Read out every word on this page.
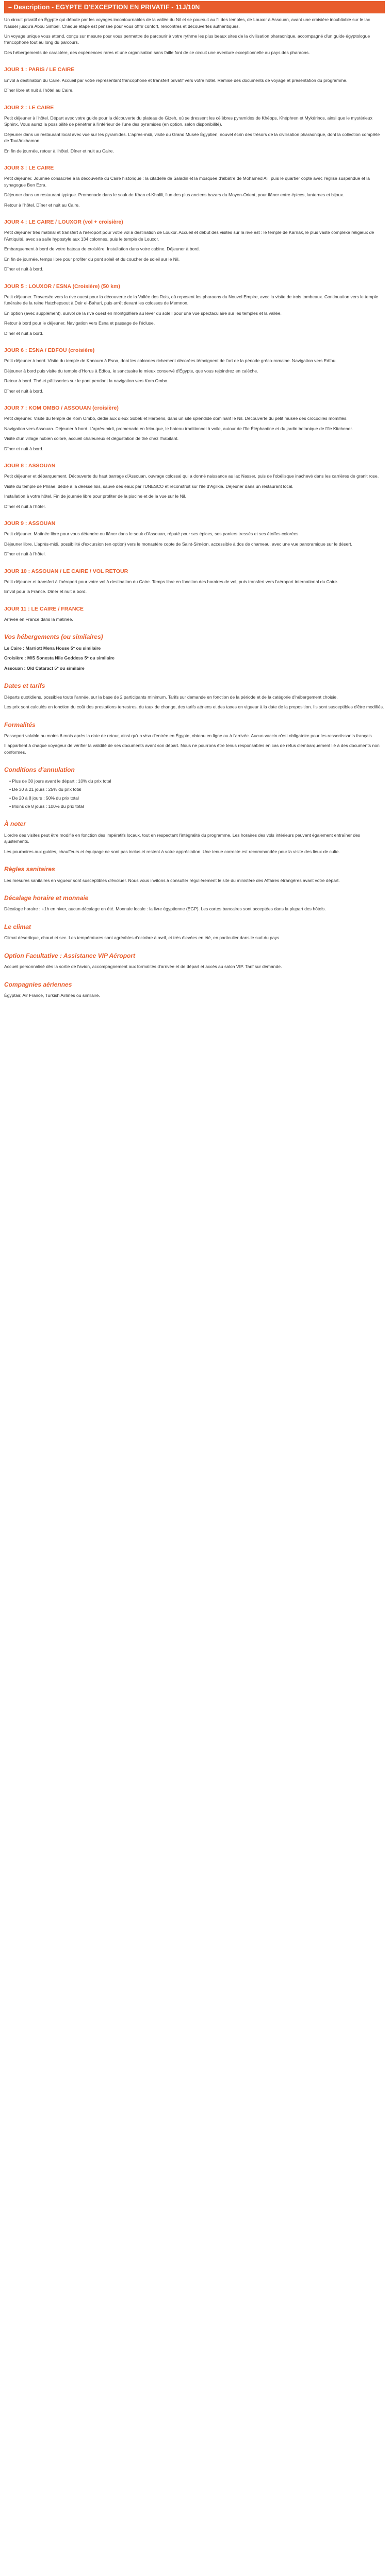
– Description - EGYPTE D'EXCEPTION EN PRIVATIF - 11J/10N

Un circuit privatif en Égypte qui débute par les voyages incontournables de la vallée du Nil et se poursuit au fil des temples, de Louxor à Assouan, avant une croisière inoubliable sur le lac Nasser jusqu'à Abou Simbel. Chaque étape est pensée pour vous offrir confort, rencontres et découvertes authentiques.

Un voyage unique vous attend, conçu sur mesure pour vous permettre de parcourir à votre rythme les plus beaux sites de la civilisation pharaonique, accompagné d'un guide égyptologue francophone tout au long du parcours.

Des hébergements de caractère, des expériences rares et une organisation sans faille font de ce circuit une aventure exceptionnelle au pays des pharaons.

JOUR 1 : PARIS / LE CAIRE

Envol à destination du Caire. Accueil par votre représentant francophone et transfert privatif vers votre hôtel. Remise des documents de voyage et présentation du programme.

Dîner libre et nuit à l'hôtel au Caire.

JOUR 2 : LE CAIRE

Petit déjeuner à l'hôtel. Départ avec votre guide pour la découverte du plateau de Gizeh, où se dressent les célèbres pyramides de Khéops, Khéphren et Mykérinos, ainsi que le mystérieux Sphinx. Vous aurez la possibilité de pénétrer à l'intérieur de l'une des pyramides (en option, selon disponibilité).

Déjeuner dans un restaurant local avec vue sur les pyramides. L'après-midi, visite du Grand Musée Égyptien, nouvel écrin des trésors de la civilisation pharaonique, dont la collection complète de Toutânkhamon.

En fin de journée, retour à l'hôtel. Dîner et nuit au Caire.

JOUR 3 : LE CAIRE

Petit déjeuner. Journée consacrée à la découverte du Caire historique : la citadelle de Saladin et la mosquée d'albâtre de Mohamed Ali, puis le quartier copte avec l'église suspendue et la synagogue Ben Ezra.

Déjeuner dans un restaurant typique. Promenade dans le souk de Khan el-Khalili, l'un des plus anciens bazars du Moyen-Orient, pour flâner entre épices, lanternes et bijoux.

Retour à l'hôtel. Dîner et nuit au Caire.

JOUR 4 : LE CAIRE / LOUXOR (vol + croisière)

Petit déjeuner très matinal et transfert à l'aéroport pour votre vol à destination de Louxor. Accueil et début des visites sur la rive est : le temple de Karnak, le plus vaste complexe religieux de l'Antiquité, avec sa salle hypostyle aux 134 colonnes, puis le temple de Louxor.

Embarquement à bord de votre bateau de croisière. Installation dans votre cabine. Déjeuner à bord.

En fin de journée, temps libre pour profiter du pont soleil et du coucher de soleil sur le Nil.

Dîner et nuit à bord.

JOUR 5 : LOUXOR / ESNA (Croisière) (50 km)

Petit déjeuner. Traversée vers la rive ouest pour la découverte de la Vallée des Rois, où reposent les pharaons du Nouvel Empire, avec la visite de trois tombeaux. Continuation vers le temple funéraire de la reine Hatchepsout à Deir el-Bahari, puis arrêt devant les colosses de Memnon.

En option (avec supplément), survol de la rive ouest en montgolfière au lever du soleil pour une vue spectaculaire sur les temples et la vallée.

Retour à bord pour le déjeuner. Navigation vers Esna et passage de l'écluse.

Dîner et nuit à bord.

JOUR 6 : ESNA / EDFOU (croisière)

Petit déjeuner à bord. Visite du temple de Khnoum à Esna, dont les colonnes richement décorées témoignent de l'art de la période gréco-romaine. Navigation vers Edfou.

Déjeuner à bord puis visite du temple d'Horus à Edfou, le sanctuaire le mieux conservé d'Égypte, que vous rejoindrez en calèche.

Retour à bord. Thé et pâtisseries sur le pont pendant la navigation vers Kom Ombo.

Dîner et nuit à bord.

JOUR 7 : KOM OMBO / ASSOUAN (croisière)

Petit déjeuner. Visite du temple de Kom Ombo, dédié aux dieux Sobek et Haroëris, dans un site splendide dominant le Nil. Découverte du petit musée des crocodiles momifiés.

Navigation vers Assouan. Déjeuner à bord. L'après-midi, promenade en felouque, le bateau traditionnel à voile, autour de l'île Éléphantine et du jardin botanique de l'île Kitchener.

Visite d'un village nubien coloré, accueil chaleureux et dégustation de thé chez l'habitant.

Dîner et nuit à bord.

JOUR 8 : ASSOUAN

Petit déjeuner et débarquement. Découverte du haut barrage d'Assouan, ouvrage colossal qui a donné naissance au lac Nasser, puis de l'obélisque inachevé dans les carrières de granit rose.

Visite du temple de Philae, dédié à la déesse Isis, sauvé des eaux par l'UNESCO et reconstruit sur l'île d'Agilkia. Déjeuner dans un restaurant local.

Installation à votre hôtel. Fin de journée libre pour profiter de la piscine et de la vue sur le Nil.

Dîner et nuit à l'hôtel.

JOUR 9 : ASSOUAN

Petit déjeuner. Matinée libre pour vous détendre ou flâner dans le souk d'Assouan, réputé pour ses épices, ses paniers tressés et ses étoffes colorées.

Déjeuner libre. L'après-midi, possibilité d'excursion (en option) vers le monastère copte de Saint-Siméon, accessible à dos de chameau, avec une vue panoramique sur le désert.

Dîner et nuit à l'hôtel.

JOUR 10 : ASSOUAN / LE CAIRE / VOL RETOUR

Petit déjeuner et transfert à l'aéroport pour votre vol à destination du Caire. Temps libre en fonction des horaires de vol, puis transfert vers l'aéroport international du Caire.

Envol pour la France. Dîner et nuit à bord.

JOUR 11 : LE CAIRE / FRANCE

Arrivée en France dans la matinée.

Vos hébergements (ou similaires)
Le Caire : Marriott Mena House 5* ou similaire
Croisière : M/S Sonesta Nile Goddess 5* ou similaire
Assouan : Old Cataract 5* ou similaire
Dates et tarifs

Départs quotidiens, possibles toute l'année, sur la base de 2 participants minimum. Tarifs sur demande en fonction de la période et de la catégorie d'hébergement choisie.

Les prix sont calculés en fonction du coût des prestations terrestres, du taux de change, des tarifs aériens et des taxes en vigueur à la date de la proposition. Ils sont susceptibles d'être modifiés.

Formalités

Passeport valable au moins 6 mois après la date de retour, ainsi qu'un visa d'entrée en Égypte, obtenu en ligne ou à l'arrivée. Aucun vaccin n'est obligatoire pour les ressortissants français.

Il appartient à chaque voyageur de vérifier la validité de ses documents avant son départ. Nous ne pourrons être tenus responsables en cas de refus d'embarquement lié à des documents non conformes.

Conditions d'annulation
• Plus de 30 jours avant le départ : 10% du prix total
• De 30 à 21 jours : 25% du prix total
• De 20 à 8 jours : 50% du prix total
• Moins de 8 jours : 100% du prix total
À noter

L'ordre des visites peut être modifié en fonction des impératifs locaux, tout en respectant l'intégralité du programme. Les horaires des vols intérieurs peuvent également entraîner des ajustements.

Les pourboires aux guides, chauffeurs et équipage ne sont pas inclus et restent à votre appréciation. Une tenue correcte est recommandée pour la visite des lieux de culte.

Règles sanitaires

Les mesures sanitaires en vigueur sont susceptibles d'évoluer. Nous vous invitons à consulter régulièrement le site du ministère des Affaires étrangères avant votre départ.

Décalage horaire et monnaie

Décalage horaire : +1h en hiver, aucun décalage en été. Monnaie locale : la livre égyptienne (EGP). Les cartes bancaires sont acceptées dans la plupart des hôtels.

Le climat

Climat désertique, chaud et sec. Les températures sont agréables d'octobre à avril, et très élevées en été, en particulier dans le sud du pays.

Option Facultative : Assistance VIP Aéroport

Accueil personnalisé dès la sortie de l'avion, accompagnement aux formalités d'arrivée et de départ et accès au salon VIP. Tarif sur demande.

Compagnies aériennes

Égyptair, Air France, Turkish Airlines ou similaire.
